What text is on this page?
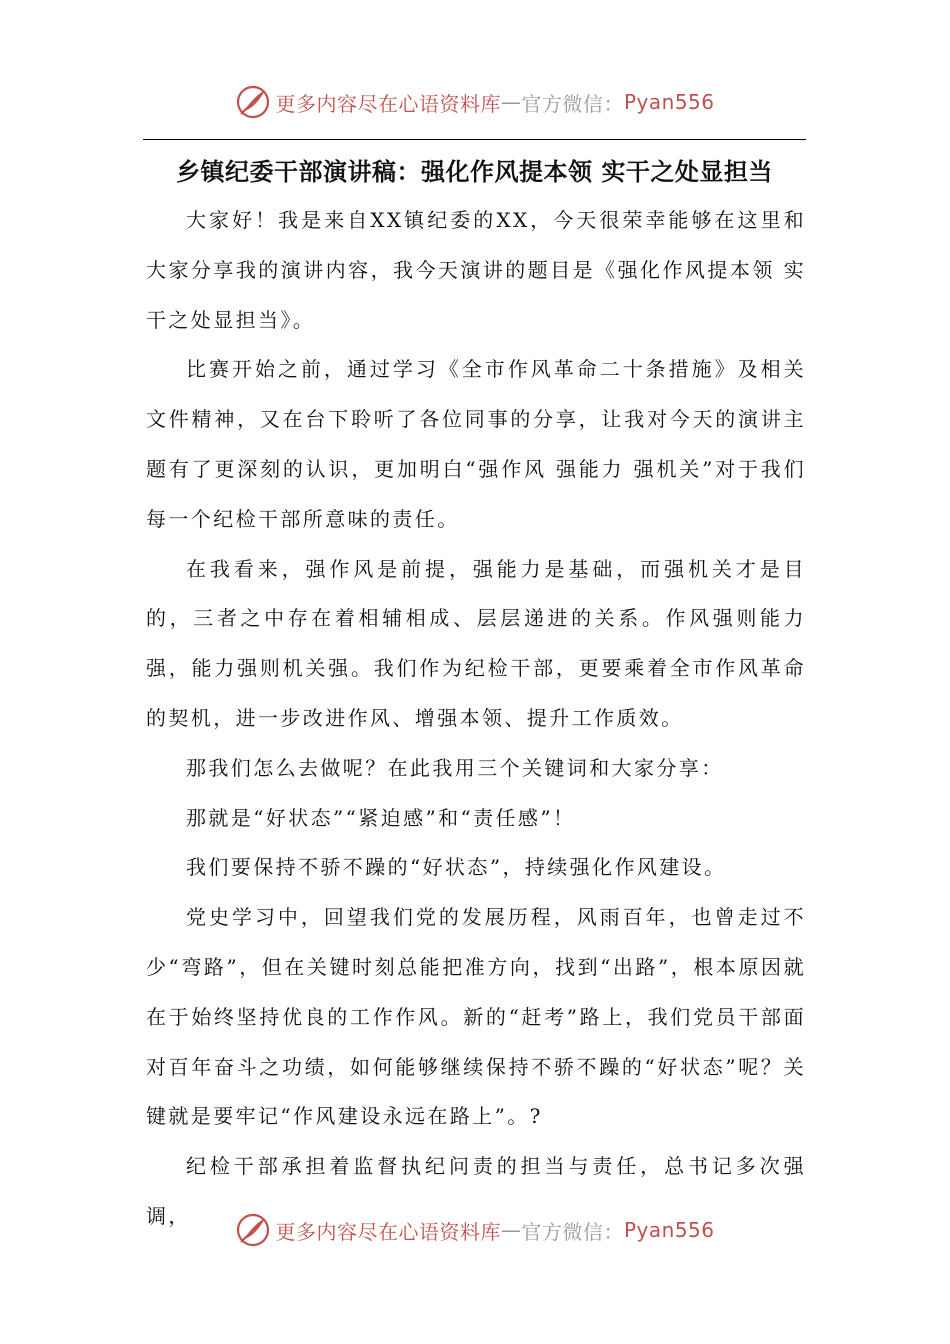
更多内容尽在心语资料库 — 官方微信： Pyan556
乡镇纪委干部演讲稿：强化作风提本领 实干之处显担当

大家好！我是来自XX镇纪委的XX，今天很荣幸能够在这里和大家分享我的演讲内容，我今天演讲的题目是《强化作风提本领 实干之处显担当》。

比赛开始之前，通过学习《全市作风革命二十条措施》及相关文件精神，又在台下聆听了各位同事的分享，让我对今天的演讲主题有了更深刻的认识，更加明白“强作风 强能力 强机关”对于我们每一个纪检干部所意味的责任。

在我看来，强作风是前提，强能力是基础，而强机关才是目的，三者之中存在着相辅相成、层层递进的关系。作风强则能力强，能力强则机关强。我们作为纪检干部，更要乘着全市作风革命的契机，进一步改进作风、增强本领、提升工作质效。

那我们怎么去做呢？在此我用三个关键词和大家分享：

那就是“好状态”“紧迫感”和“责任感”！

我们要保持不骄不躁的“好状态”，持续强化作风建设。

党史学习中，回望我们党的发展历程，风雨百年，也曾走过不少“弯路”，但在关键时刻总能把准方向，找到“出路”，根本原因就在于始终坚持优良的工作作风。新的“赶考”路上，我们党员干部面对百年奋斗之功绩，如何能够继续保持不骄不躁的“好状态”呢？关键就是要牢记“作风建设永远在路上”。?

纪检干部承担着监督执纪问责的担当与责任，总书记多次强调，

更多内容尽在心语资料库 — 官方微信： Pyan556
